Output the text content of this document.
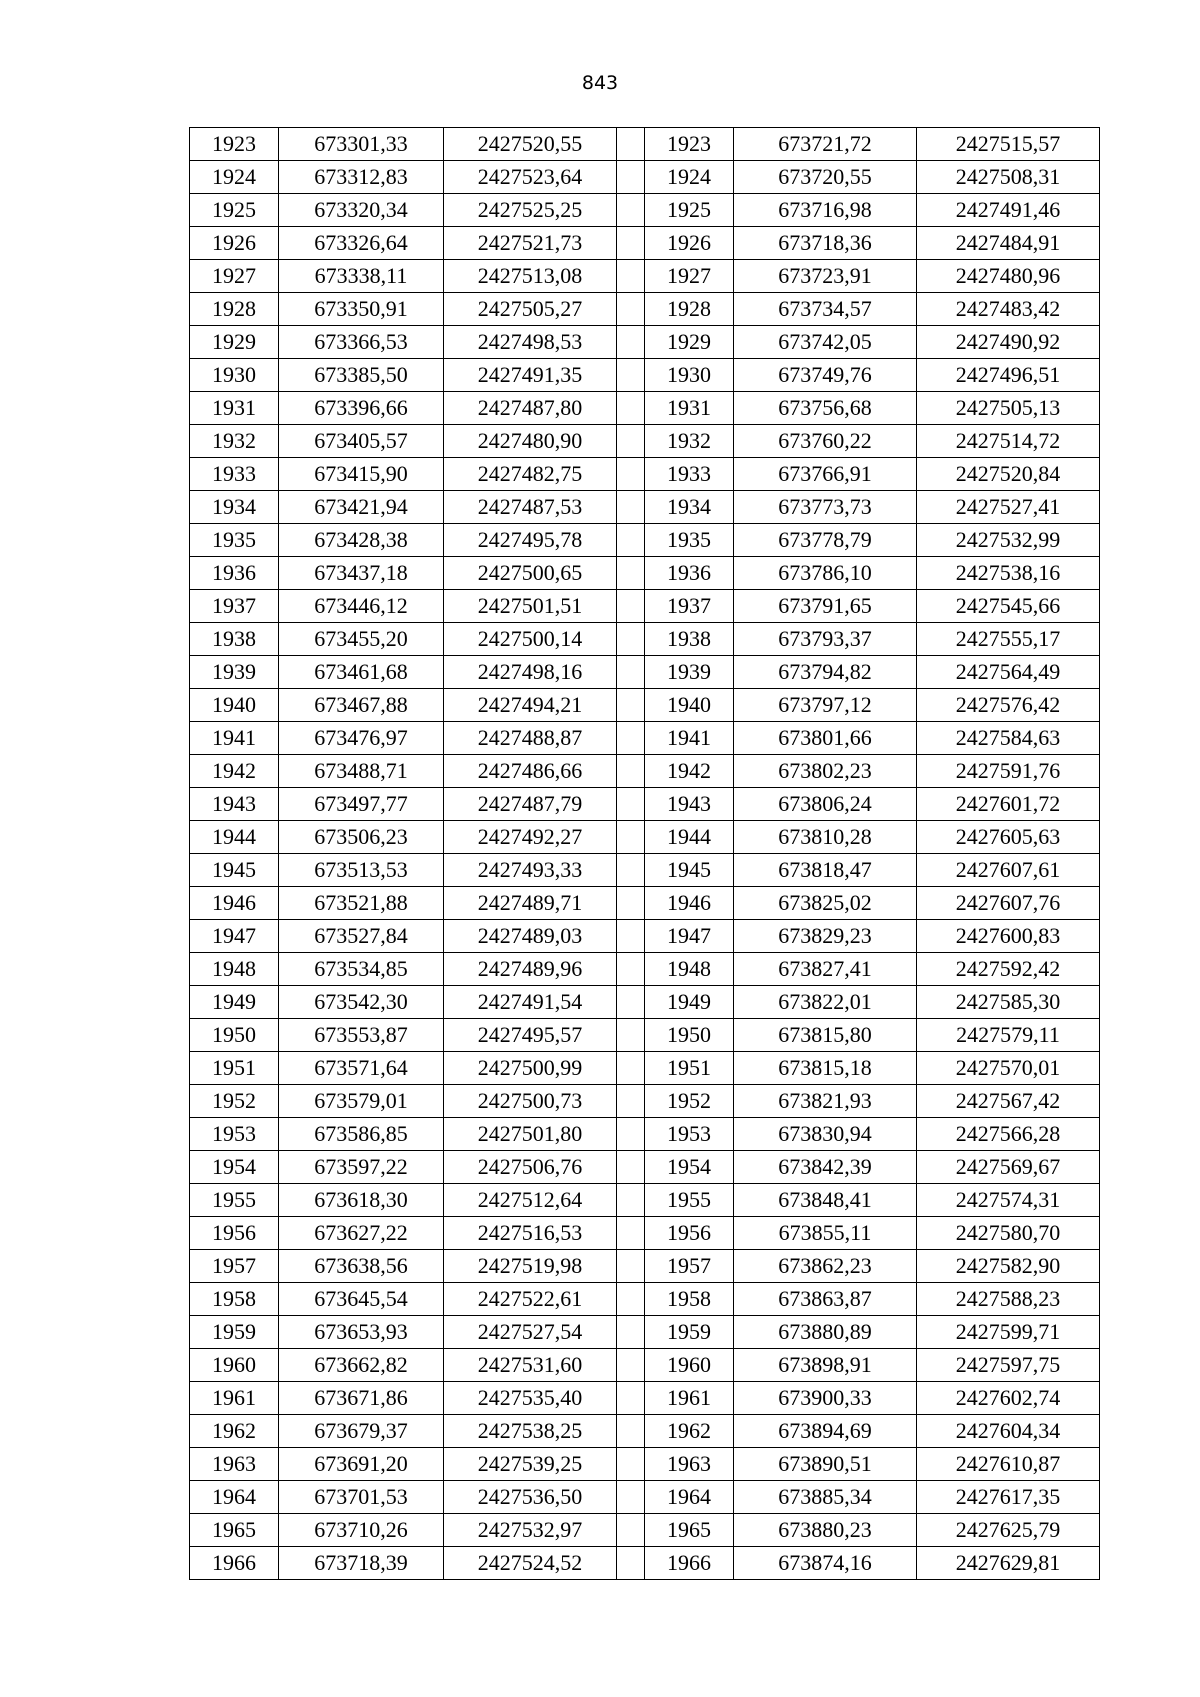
843
1923	673301,33	2427520,55		1923	673721,72	2427515,57
1924	673312,83	2427523,64		1924	673720,55	2427508,31
1925	673320,34	2427525,25		1925	673716,98	2427491,46
1926	673326,64	2427521,73		1926	673718,36	2427484,91
1927	673338,11	2427513,08		1927	673723,91	2427480,96
1928	673350,91	2427505,27		1928	673734,57	2427483,42
1929	673366,53	2427498,53		1929	673742,05	2427490,92
1930	673385,50	2427491,35		1930	673749,76	2427496,51
1931	673396,66	2427487,80		1931	673756,68	2427505,13
1932	673405,57	2427480,90		1932	673760,22	2427514,72
1933	673415,90	2427482,75		1933	673766,91	2427520,84
1934	673421,94	2427487,53		1934	673773,73	2427527,41
1935	673428,38	2427495,78		1935	673778,79	2427532,99
1936	673437,18	2427500,65		1936	673786,10	2427538,16
1937	673446,12	2427501,51		1937	673791,65	2427545,66
1938	673455,20	2427500,14		1938	673793,37	2427555,17
1939	673461,68	2427498,16		1939	673794,82	2427564,49
1940	673467,88	2427494,21		1940	673797,12	2427576,42
1941	673476,97	2427488,87		1941	673801,66	2427584,63
1942	673488,71	2427486,66		1942	673802,23	2427591,76
1943	673497,77	2427487,79		1943	673806,24	2427601,72
1944	673506,23	2427492,27		1944	673810,28	2427605,63
1945	673513,53	2427493,33		1945	673818,47	2427607,61
1946	673521,88	2427489,71		1946	673825,02	2427607,76
1947	673527,84	2427489,03		1947	673829,23	2427600,83
1948	673534,85	2427489,96		1948	673827,41	2427592,42
1949	673542,30	2427491,54		1949	673822,01	2427585,30
1950	673553,87	2427495,57		1950	673815,80	2427579,11
1951	673571,64	2427500,99		1951	673815,18	2427570,01
1952	673579,01	2427500,73		1952	673821,93	2427567,42
1953	673586,85	2427501,80		1953	673830,94	2427566,28
1954	673597,22	2427506,76		1954	673842,39	2427569,67
1955	673618,30	2427512,64		1955	673848,41	2427574,31
1956	673627,22	2427516,53		1956	673855,11	2427580,70
1957	673638,56	2427519,98		1957	673862,23	2427582,90
1958	673645,54	2427522,61		1958	673863,87	2427588,23
1959	673653,93	2427527,54		1959	673880,89	2427599,71
1960	673662,82	2427531,60		1960	673898,91	2427597,75
1961	673671,86	2427535,40		1961	673900,33	2427602,74
1962	673679,37	2427538,25		1962	673894,69	2427604,34
1963	673691,20	2427539,25		1963	673890,51	2427610,87
1964	673701,53	2427536,50		1964	673885,34	2427617,35
1965	673710,26	2427532,97		1965	673880,23	2427625,79
1966	673718,39	2427524,52		1966	673874,16	2427629,81
